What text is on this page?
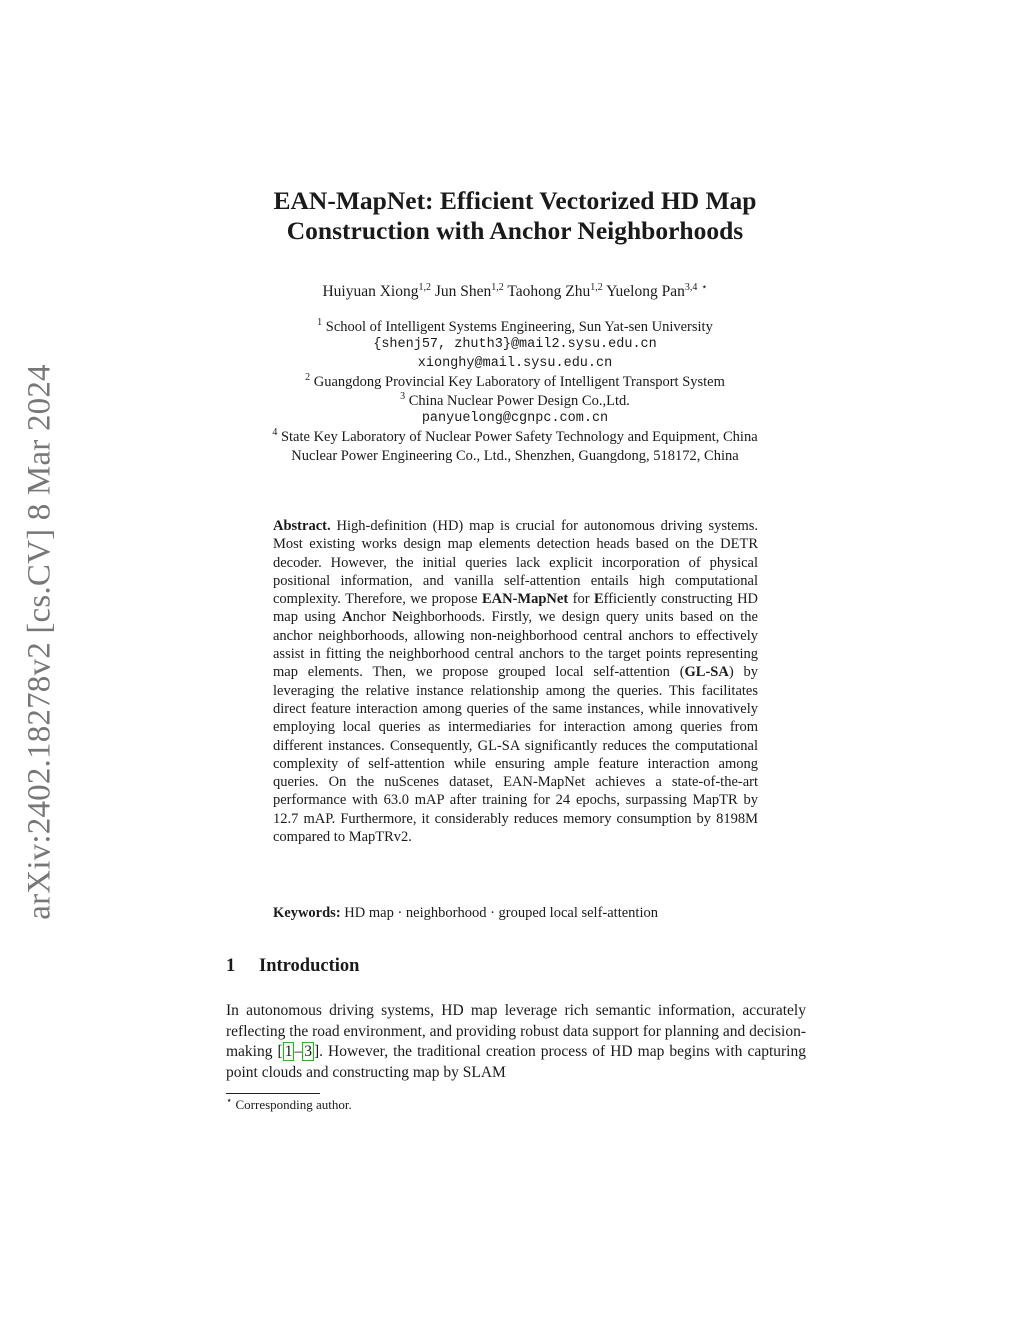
arXiv:2402.18278v2 [cs.CV] 8 Mar 2024
EAN-MapNet: Efficient Vectorized HD Map
Construction with Anchor Neighborhoods
Huiyuan Xiong$^{1,2}$ Jun Shen$^{1,2}$ Taohong Zhu$^{1,2}$ Yuelong Pan$^{3,4}$ ⋆
$^1$ School of Intelligent Systems Engineering, Sun Yat-sen University
{shenj57, zhuth3}@mail2.sysu.edu.cn
xionghy@mail.sysu.edu.cn
$^2$ Guangdong Provincial Key Laboratory of Intelligent Transport System
$^3$ China Nuclear Power Design Co.,Ltd.
panyuelong@cgnpc.com.cn
$^4$ State Key Laboratory of Nuclear Power Safety Technology and Equipment, China
Nuclear Power Engineering Co., Ltd., Shenzhen, Guangdong, 518172, China
Abstract. High-definition (HD) map is crucial for autonomous driving systems. Most existing works design map elements detection heads based on the DETR decoder. However, the initial queries lack explicit incorporation of physical positional information, and vanilla self-attention entails high computational complexity. Therefore, we propose EAN-MapNet for Efficiently constructing HD map using Anchor Neighborhoods. Firstly, we design query units based on the anchor neighborhoods, allowing non-neighborhood central anchors to effectively assist in fitting the neighborhood central anchors to the target points representing map elements. Then, we propose grouped local self-attention (GL-SA) by leveraging the relative instance relationship among the queries. This facilitates direct feature interaction among queries of the same instances, while innovatively employing local queries as intermediaries for interaction among queries from different instances. Consequently, GL-SA significantly reduces the computational complexity of self-attention while ensuring ample feature interaction among queries. On the nuScenes dataset, EAN-MapNet achieves a state-of-the-art performance with 63.0 mAP after training for 24 epochs, surpassing MapTR by 12.7 mAP. Furthermore, it considerably reduces memory consumption by 8198M compared to MapTRv2.
Keywords: HD map · neighborhood · grouped local self-attention
1 Introduction
In autonomous driving systems, HD map leverage rich semantic information, accurately reflecting the road environment, and providing robust data support for planning and decision-making [ 1 – 3 ]. However, the traditional creation process of HD map begins with capturing point clouds and constructing map by SLAM
⋆ Corresponding author.
